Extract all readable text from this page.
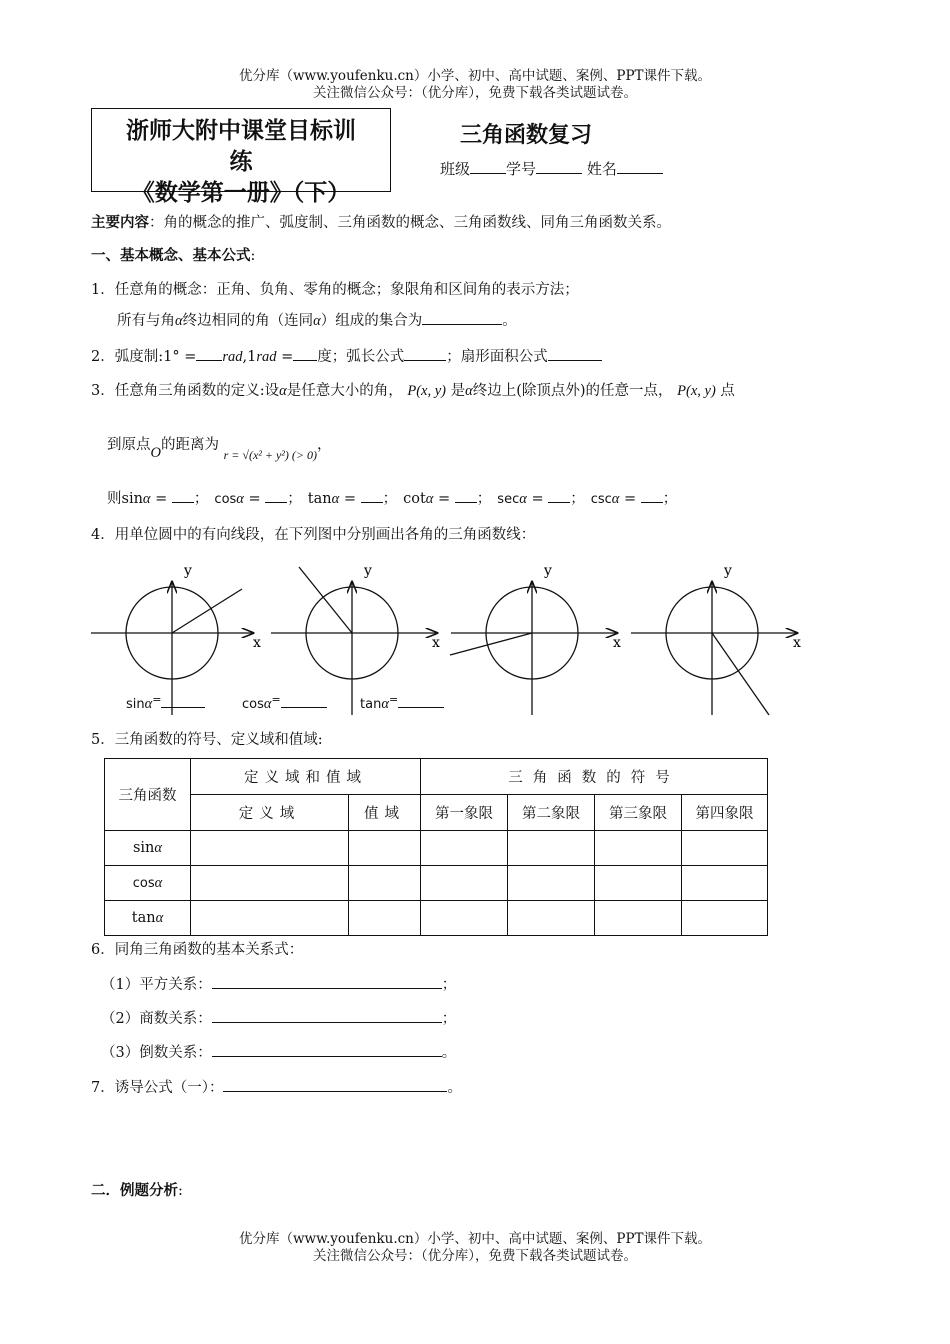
优分库（www.youfenku.cn）小学、初中、高中试题、案例、PPT课件下载。
关注微信公众号：（优分库），免费下载各类试题试卷。
浙师大附中课堂目标训
练
《数学第一册》（下）
三角函数复习
班级 学号	姓名
主要内容：角的概念的推广、弧度制、三角函数的概念、三角函数线、同角三角函数关系。
一、基本概念、基本公式:
1．任意角的概念：正角、负角、零角的概念；象限角和区间角的表示方法；
所有与角α终边相同的角（连同α）组成的集合为	。
2．弧度制:1° = rad,1rad = 度；弧长公式	；扇形面积公式
3．任意角三角函数的定义:设α是任意大小的角， P(x, y) 是α终边上(除顶点外)的任意一点， P(x, y) 点
到原点O的距离为 $_{r = √(x^2 + y^2) (> 0)}$，
则sinα = ； cosα = ； tanα = ； cotα = ； secα = ； cscα = ；
4．用单位圆中的有向线段，在下列图中分别画出各角的三角函数线：
x
y
x
y
x
y
x
y
sinα=	cosα=	tanα=
5．三角函数的符号、定义域和值域:
三角函数	定义域和值域		三角函数的符号			
	定义域	值域	第一象限	第二象限	第三象限	第四象限
sinα						
cosα						
tanα						
6．同角三角函数的基本关系式：
（1）平方关系：	；
（2）商数关系：	；
（3）倒数关系：	。
7．诱导公式（一）：	。
二．例题分析:
优分库（www.youfenku.cn）小学、初中、高中试题、案例、PPT课件下载。
关注微信公众号：（优分库），免费下载各类试题试卷。
